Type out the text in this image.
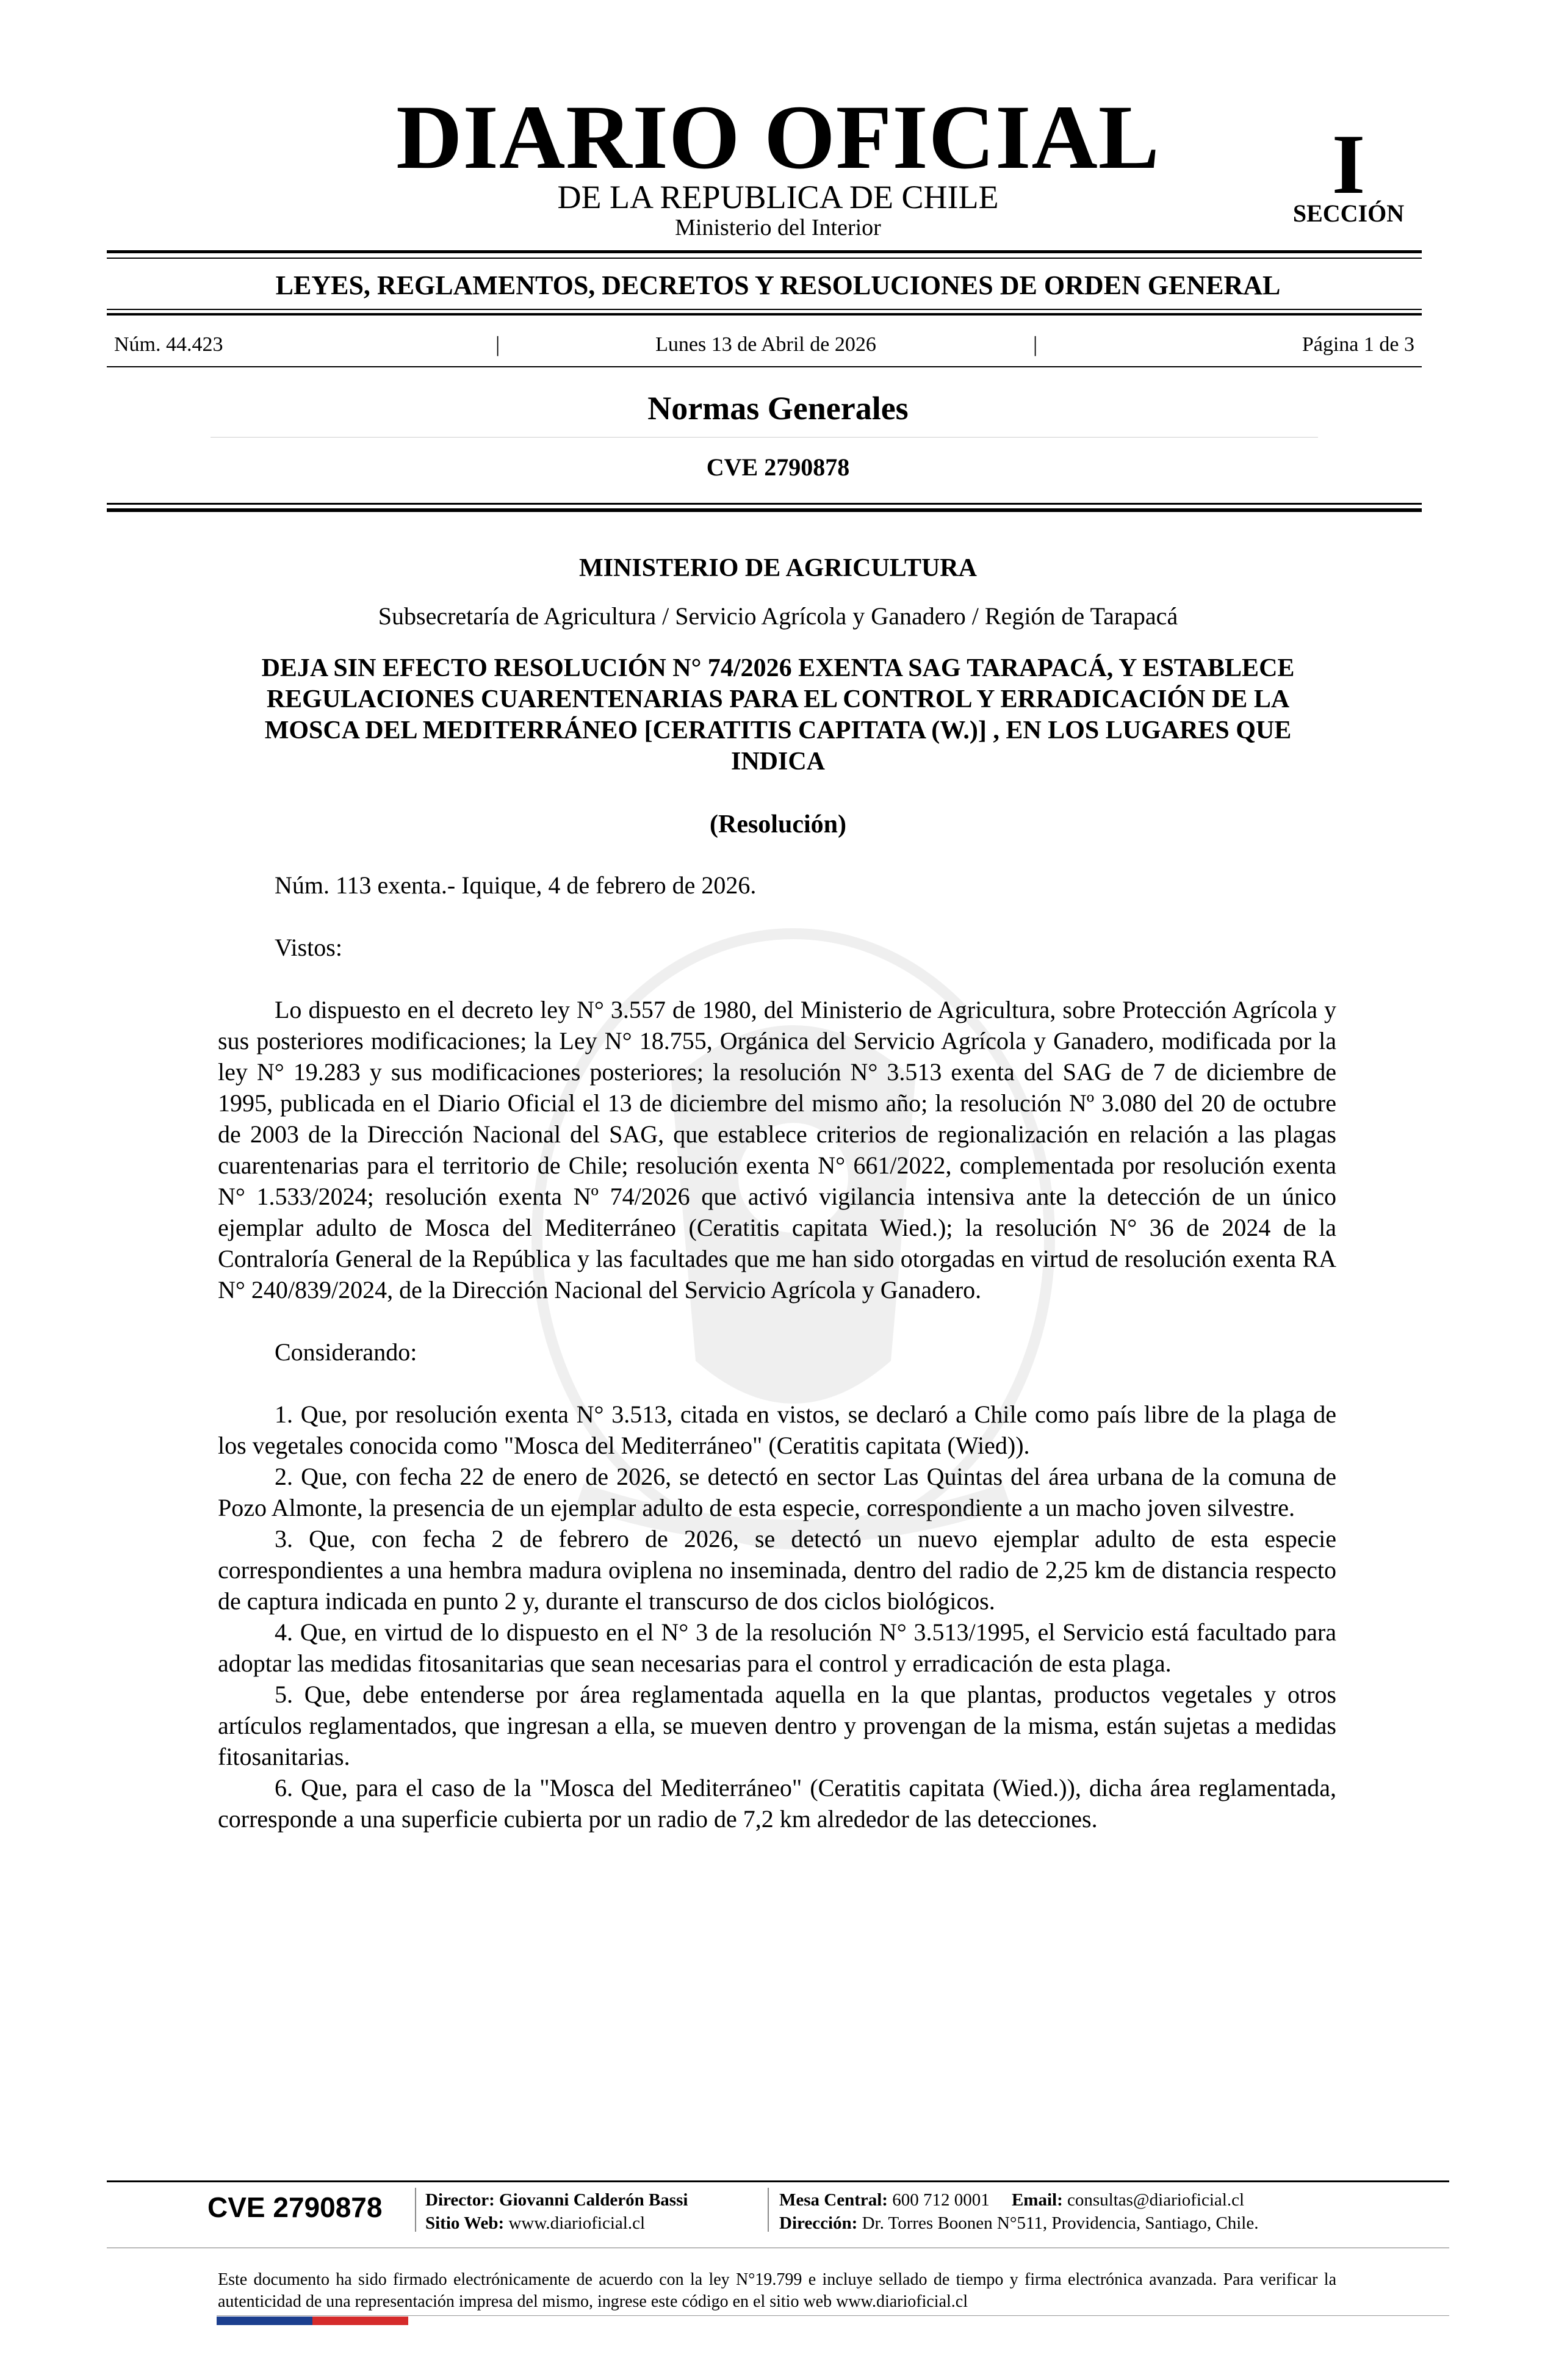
DIARIO OFICIAL
DE LA REPUBLICA DE CHILE
Ministerio del Interior
I
SECCIÓN
LEYES, REGLAMENTOS, DECRETOS Y RESOLUCIONES DE ORDEN GENERAL
Núm. 44.423	|	Lunes 13 de Abril de 2026	|	Página 1 de 3
Normas Generales
CVE 2790878
MINISTERIO DE AGRICULTURA
Subsecretaría de Agricultura / Servicio Agrícola y Ganadero / Región de Tarapacá
DEJA SIN EFECTO RESOLUCIÓN N° 74/2026 EXENTA SAG TARAPACÁ, Y ESTABLECE REGULACIONES CUARENTENARIAS PARA EL CONTROL Y ERRADICACIÓN DE LA MOSCA DEL MEDITERRÁNEO [CERATITIS CAPITATA (W.)] , EN LOS LUGARES QUE INDICA
(Resolución)

Núm. 113 exenta.- Iquique, 4 de febrero de 2026.

Vistos:

Lo dispuesto en el decreto ley N° 3.557 de 1980, del Ministerio de Agricultura, sobre Protección Agrícola y sus posteriores modificaciones; la Ley N° 18.755, Orgánica del Servicio Agrícola y Ganadero, modificada por la ley N° 19.283 y sus modificaciones posteriores; la resolución N° 3.513 exenta del SAG de 7 de diciembre de 1995, publicada en el Diario Oficial el 13 de diciembre del mismo año; la resolución Nº 3.080 del 20 de octubre de 2003 de la Dirección Nacional del SAG, que establece criterios de regionalización en relación a las plagas cuarentenarias para el territorio de Chile; resolución exenta N° 661/2022, complementada por resolución exenta N° 1.533/2024; resolución exenta Nº 74/2026 que activó vigilancia intensiva ante la detección de un único ejemplar adulto de Mosca del Mediterráneo (Ceratitis capitata Wied.); la resolución N° 36 de 2024 de la Contraloría General de la República y las facultades que me han sido otorgadas en virtud de resolución exenta RA N° 240/839/2024, de la Dirección Nacional del Servicio Agrícola y Ganadero.

Considerando:

1. Que, por resolución exenta N° 3.513, citada en vistos, se declaró a Chile como país libre de la plaga de los vegetales conocida como "Mosca del Mediterráneo" (Ceratitis capitata (Wied)).

2. Que, con fecha 22 de enero de 2026, se detectó en sector Las Quintas del área urbana de la comuna de Pozo Almonte, la presencia de un ejemplar adulto de esta especie, correspondiente a un macho joven silvestre.

3. Que, con fecha 2 de febrero de 2026, se detectó un nuevo ejemplar adulto de esta especie correspondientes a una hembra madura oviplena no inseminada, dentro del radio de 2,25 km de distancia respecto de captura indicada en punto 2 y, durante el transcurso de dos ciclos biológicos.

4. Que, en virtud de lo dispuesto en el N° 3 de la resolución N° 3.513/1995, el Servicio está facultado para adoptar las medidas fitosanitarias que sean necesarias para el control y erradicación de esta plaga.

5. Que, debe entenderse por área reglamentada aquella en la que plantas, productos vegetales y otros artículos reglamentados, que ingresan a ella, se mueven dentro y provengan de la misma, están sujetas a medidas fitosanitarias.

6. Que, para el caso de la "Mosca del Mediterráneo" (Ceratitis capitata (Wied.)), dicha área reglamentada, corresponde a una superficie cubierta por un radio de 7,2 km alrededor de las detecciones.

CVE 2790878 Director: Giovanni Calderón Bassi
Sitio Web: www.diarioficial.cl
Mesa Central: 600 712 0001 Email: consultas@diarioficial.cl
Dirección: Dr. Torres Boonen N°511, Providencia, Santiago, Chile.
Este documento ha sido firmado electrónicamente de acuerdo con la ley N°19.799 e incluye sellado de tiempo y firma electrónica avanzada. Para verificar la autenticidad de una representación impresa del mismo, ingrese este código en el sitio web www.diarioficial.cl
